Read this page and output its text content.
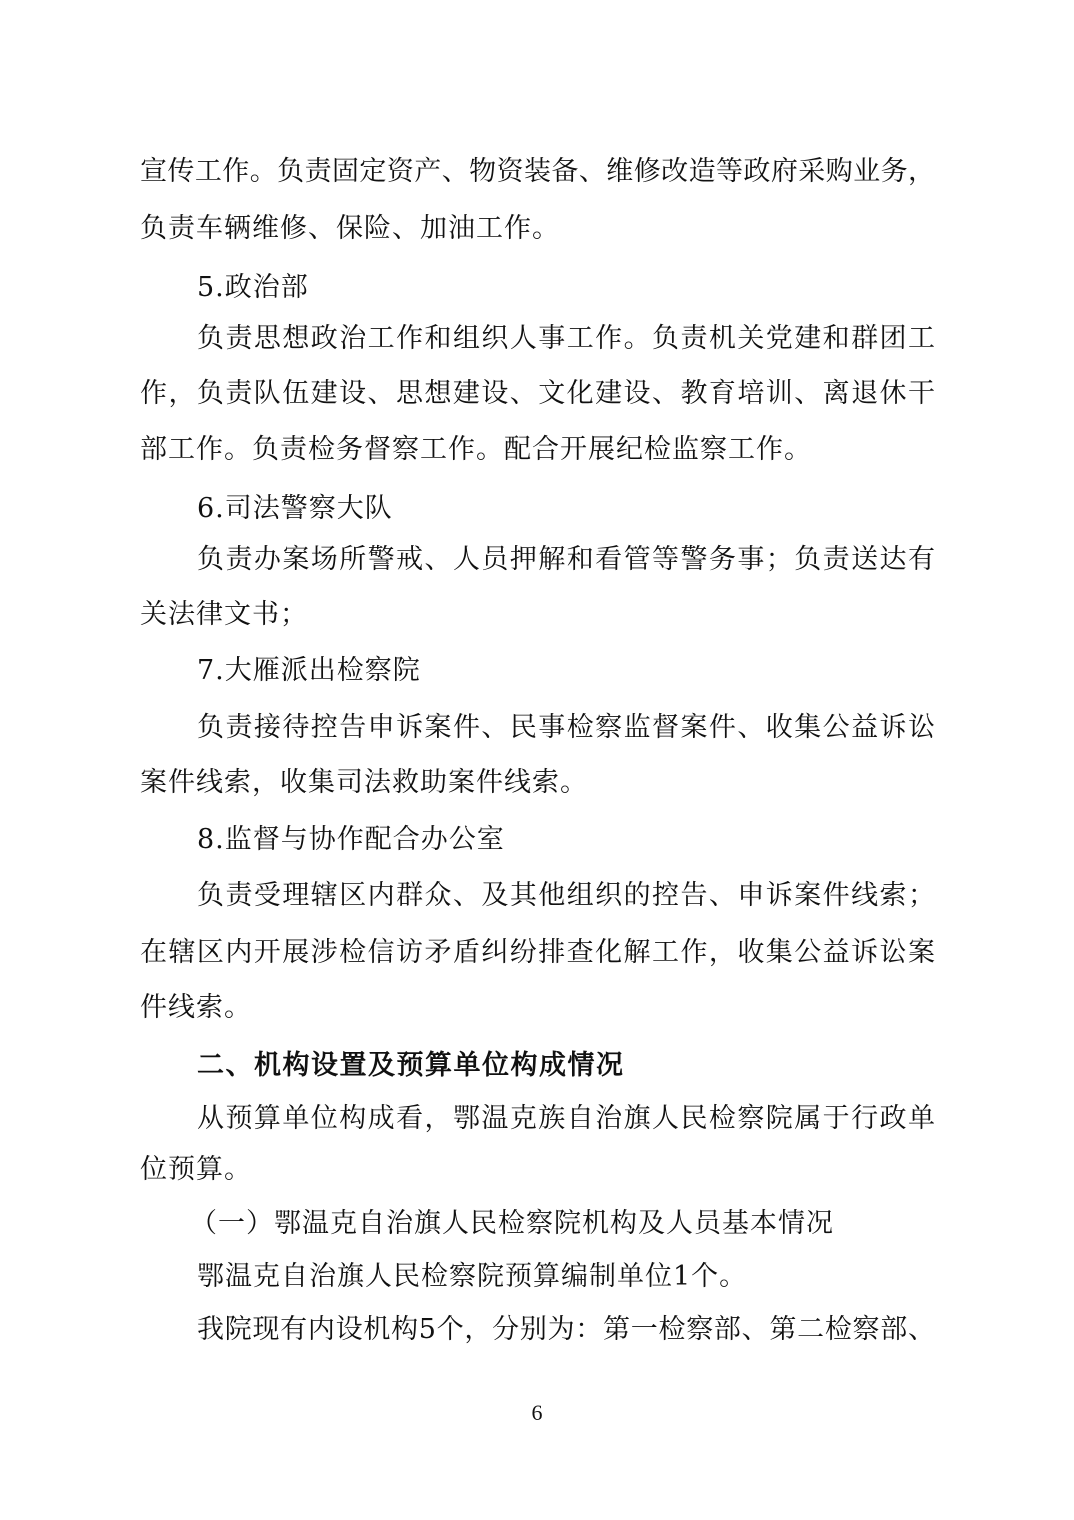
宣传工作。负责固定资产、物资装备、维修改造等政府采购业务，
负责车辆维修、保险、加油工作。
5.政治部
负责思想政治工作和组织人事工作。负责机关党建和群团工
作，负责队伍建设、思想建设、文化建设、教育培训、离退休干
部工作。负责检务督察工作。配合开展纪检监察工作。
6.司法警察大队
负责办案场所警戒、人员押解和看管等警务事；负责送达有
关法律文书；
7.大雁派出检察院
负责接待控告申诉案件、民事检察监督案件、收集公益诉讼
案件线索，收集司法救助案件线索。
8.监督与协作配合办公室
负责受理辖区内群众、及其他组织的控告、申诉案件线索；
在辖区内开展涉检信访矛盾纠纷排查化解工作，收集公益诉讼案
件线索。
二、机构设置及预算单位构成情况
从预算单位构成看，鄂温克族自治旗人民检察院属于行政单
位预算。
（一）鄂温克自治旗人民检察院机构及人员基本情况
鄂温克自治旗人民检察院预算编制单位1个。
我院现有内设机构5个，分别为：第一检察部、第二检察部、
6
